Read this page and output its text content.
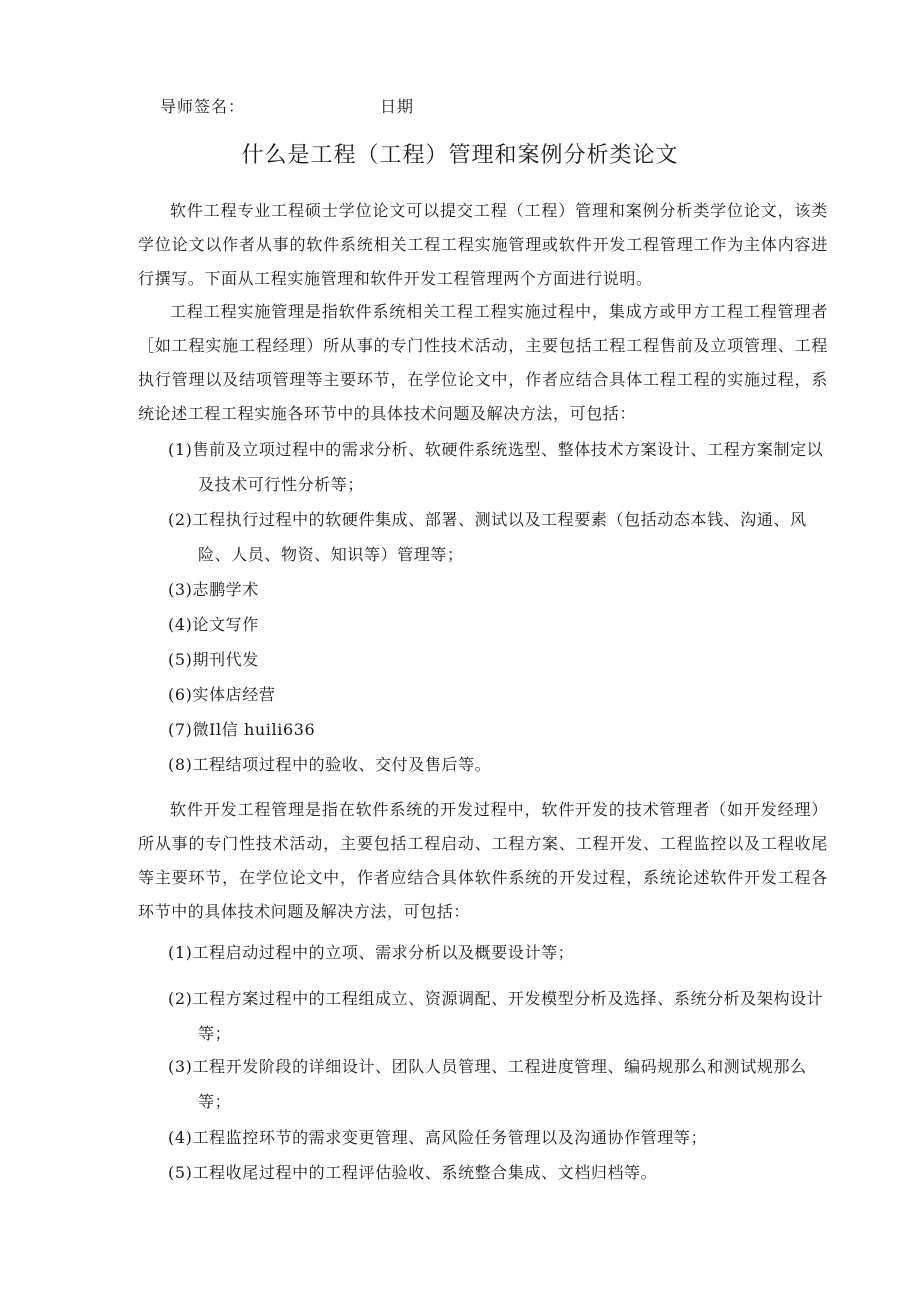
导师签名：	日期
什么是工程（工程）管理和案例分析类论文

软件工程专业工程硕士学位论文可以提交工程（工程）管理和案例分析类学位论文，该类学位论文以作者从事的软件系统相关工程工程实施管理或软件开发工程管理工作为主体内容进行撰写。下面从工程实施管理和软件开发工程管理两个方面进行说明。

工程工程实施管理是指软件系统相关工程工程实施过程中，集成方或甲方工程工程管理者［如工程实施工程经理）所从事的专门性技术活动，主要包括工程工程售前及立项管理、工程执行管理以及结项管理等主要环节，在学位论文中，作者应结合具体工程工程的实施过程，系统论述工程工程实施各环节中的具体技术问题及解决方法，可包括：

(1)售前及立项过程中的需求分析、软硬件系统选型、整体技术方案设计、工程方案制定以及技术可行性分析等；
(2)工程执行过程中的软硬件集成、部署、测试以及工程要素（包括动态本钱、沟通、风险、人员、物资、知识等）管理等；
(3)志鹏学术
(4)论文写作
(5)期刊代发
(6)实体店经营
(7)微Il信 huili636
(8)工程结项过程中的验收、交付及售后等。

软件开发工程管理是指在软件系统的开发过程中，软件开发的技术管理者（如开发经理）所从事的专门性技术活动，主要包括工程启动、工程方案、工程开发、工程监控以及工程收尾等主要环节，在学位论文中，作者应结合具体软件系统的开发过程，系统论述软件开发工程各环节中的具体技术问题及解决方法，可包括：

(1)工程启动过程中的立项、需求分析以及概要设计等；
(2)工程方案过程中的工程组成立、资源调配、开发模型分析及选择、系统分析及架构设计等；
(3)工程开发阶段的详细设计、团队人员管理、工程进度管理、编码规那么和测试规那么等；
(4)工程监控环节的需求变更管理、高风险任务管理以及沟通协作管理等；
(5)工程收尾过程中的工程评估验收、系统整合集成、文档归档等。
